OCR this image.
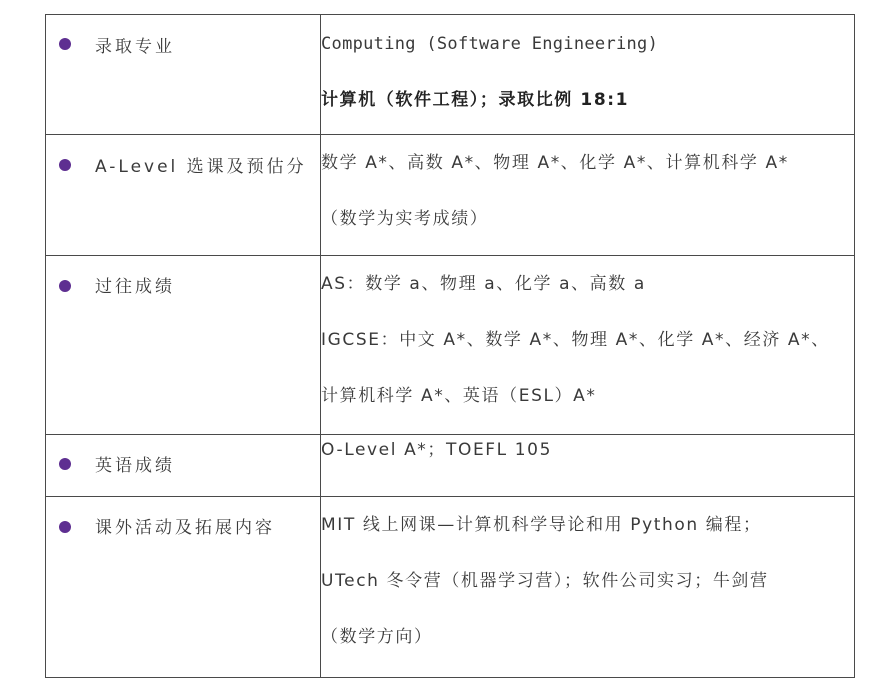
录取专业	Computing (Software Engineering)
计算机（软件工程）；录取比例 18:1

A-Level 选课及预估分	数学 A*、高数 A*、物理 A*、化学 A*、计算机科学 A*
（数学为实考成绩）

过往成绩	AS：数学 a、物理 a、化学 a、高数 a
IGCSE：中文 A*、数学 A*、物理 A*、化学 A*、经济 A*、
计算机科学 A*、英语（ESL）A*

英语成绩	O-Level A*；TOEFL 105

课外活动及拓展内容	MIT 线上网课—计算机科学导论和用 Python 编程；
UTech 冬令营（机器学习营）；软件公司实习；牛剑营
（数学方向）
